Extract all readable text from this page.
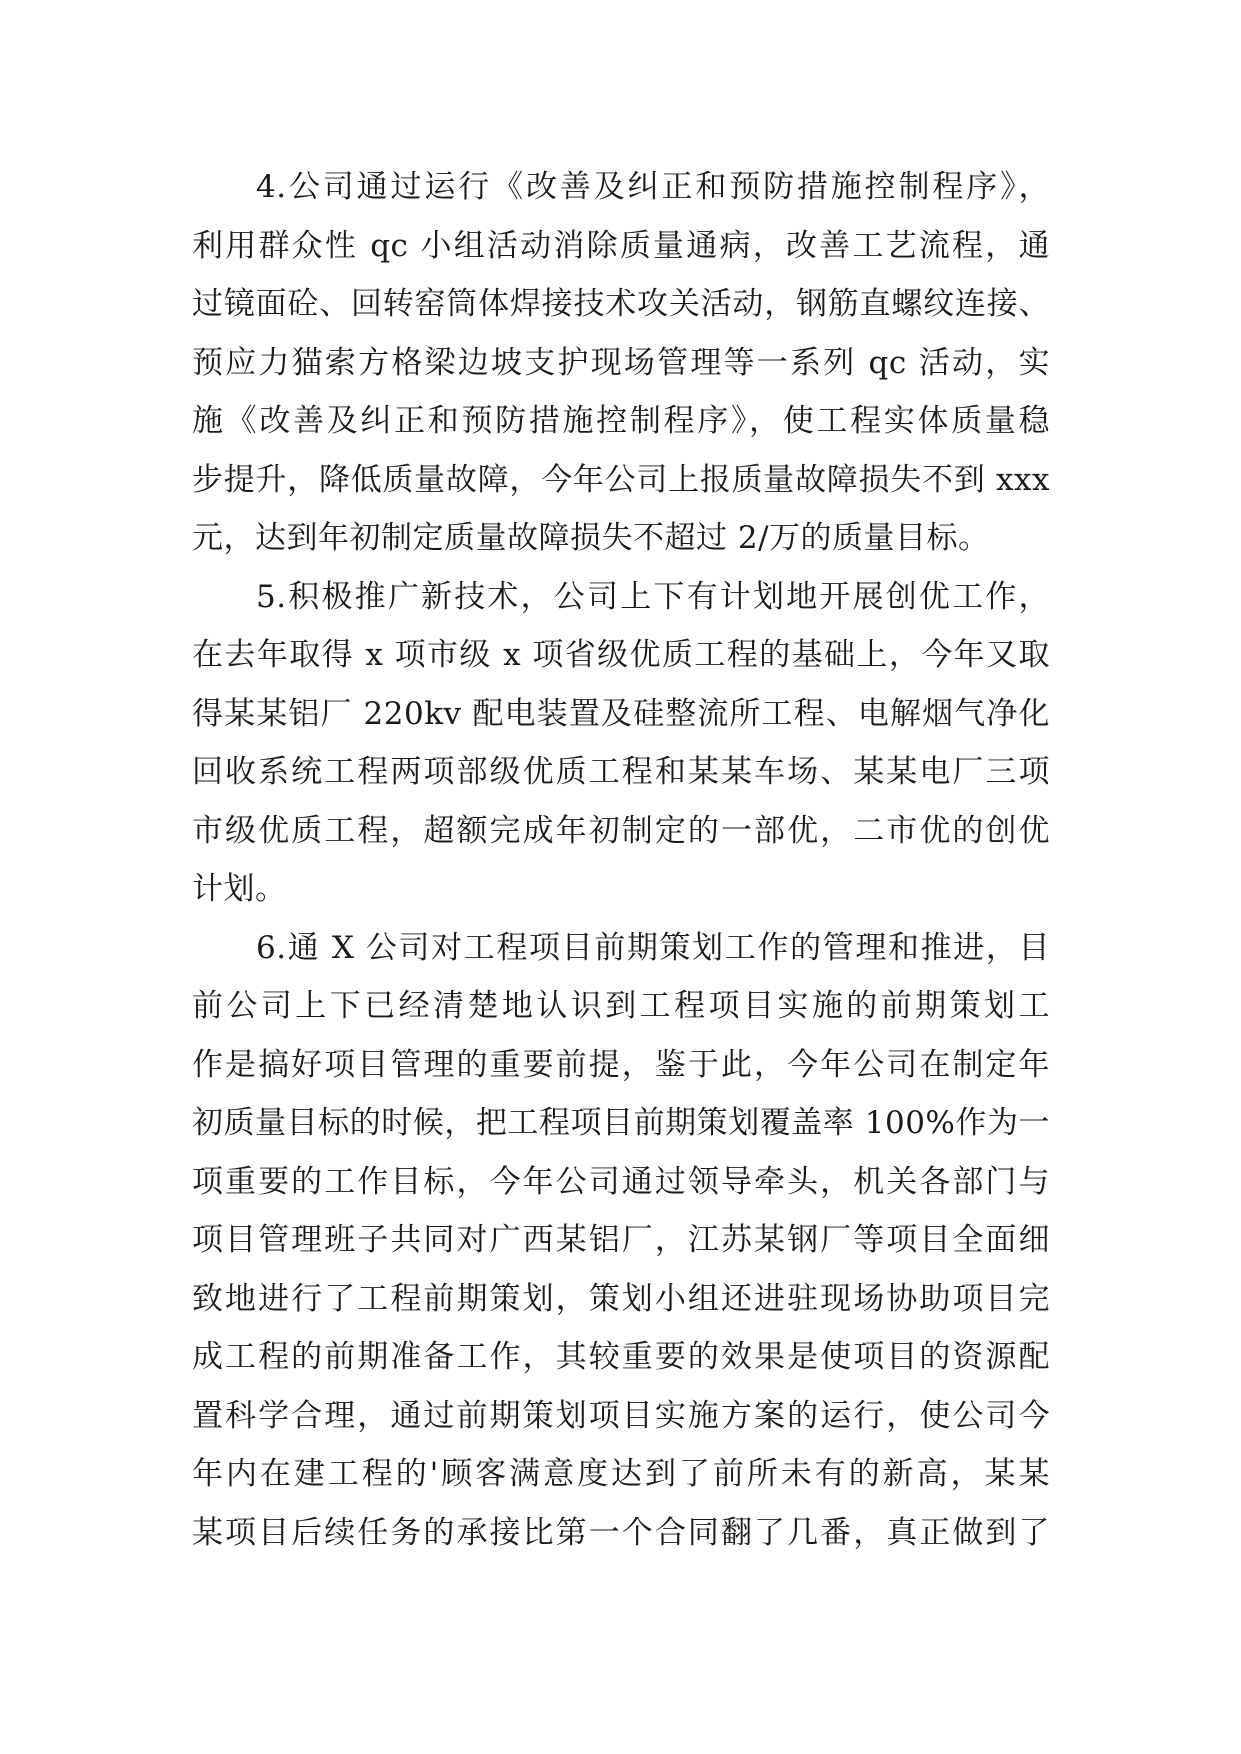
4.公司通过运行《改善及纠正和预防措施控制程序》，
利用群众性 qc 小组活动消除质量通病，改善工艺流程，通
过镜面砼、回转窑筒体焊接技术攻关活动，钢筋直螺纹连接、
预应力猫索方格梁边坡支护现场管理等一系列 qc 活动，实
施《改善及纠正和预防措施控制程序》，使工程实体质量稳
步提升，降低质量故障，今年公司上报质量故障损失不到 xxx
元，达到年初制定质量故障损失不超过 2/万的质量目标。
5.积极推广新技术，公司上下有计划地开展创优工作，
在去年取得 x 项市级 x 项省级优质工程的基础上，今年又取
得某某铝厂 220kv 配电装置及硅整流所工程、电解烟气净化
回收系统工程两项部级优质工程和某某车场、某某电厂三项
市级优质工程，超额完成年初制定的一部优，二市优的创优
计划。
6.通 X 公司对工程项目前期策划工作的管理和推进，目
前公司上下已经清楚地认识到工程项目实施的前期策划工
作是搞好项目管理的重要前提，鉴于此，今年公司在制定年
初质量目标的时候，把工程项目前期策划覆盖率 100%作为一
项重要的工作目标，今年公司通过领导牵头，机关各部门与
项目管理班子共同对广西某铝厂，江苏某钢厂等项目全面细
致地进行了工程前期策划，策划小组还进驻现场协助项目完
成工程的前期准备工作，其较重要的效果是使项目的资源配
置科学合理，通过前期策划项目实施方案的运行，使公司今
年内在建工程的'顾客满意度达到了前所未有的新高，某某
某项目后续任务的承接比第一个合同翻了几番，真正做到了
